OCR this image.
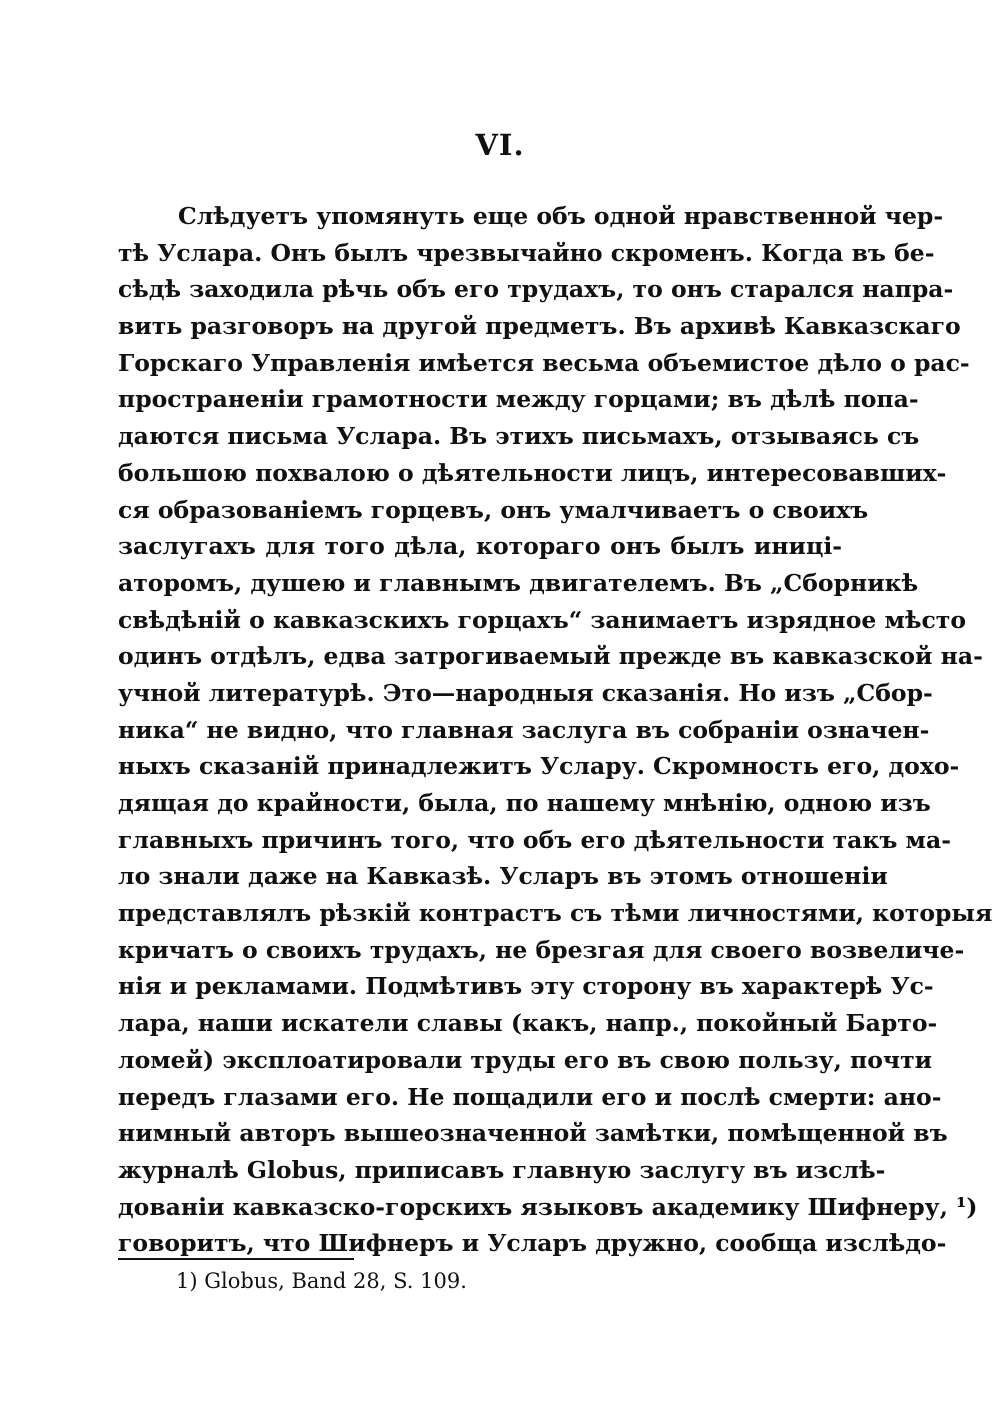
VI.
Слѣдуетъ упомянуть еще объ одной нравственной чер-
тѣ Услара. Онъ былъ чрезвычайно скроменъ. Когда въ бе-
сѣдѣ заходила рѣчь объ его трудахъ, то онъ старался напра-
вить разговоръ на другой предметъ. Въ архивѣ Кавказскаго
Горскаго Управленія имѣется весьма объемистое дѣло о рас-
пространеніи грамотности между горцами; въ дѣлѣ попа-
даются письма Услара. Въ этихъ письмахъ, отзываясь съ
большою похвалою о дѣятельности лицъ, интересовавших-
ся образованіемъ горцевъ, онъ умалчиваетъ о своихъ
заслугахъ для того дѣла, котораго онъ былъ иниці-
аторомъ, душею и главнымъ двигателемъ. Въ „Сборникѣ
свѣдѣній о кавказскихъ горцахъ“ занимаетъ изрядное мѣсто
одинъ отдѣлъ, едва затрогиваемый прежде въ кавказской на-
учной литературѣ. Это—народныя сказанія. Но изъ „Сбор-
ника“ не видно, что главная заслуга въ собраніи означен-
ныхъ сказаній принадлежитъ Услару. Скромность его, дохо-
дящая до крайности, была, по нашему мнѣнію, одною изъ
главныхъ причинъ того, что объ его дѣятельности такъ ма-
ло знали даже на Кавказѣ. Усларъ въ этомъ отношеніи
представлялъ рѣзкій контрастъ съ тѣми личностями, которыя
кричатъ о своихъ трудахъ, не брезгая для своего возвеличе-
нія и рекламами. Подмѣтивъ эту сторону въ характерѣ Ус-
лара, наши искатели славы (какъ, напр., покойный Барто-
ломей) эксплоатировали труды его въ свою пользу, почти
передъ глазами его. Не пощадили его и послѣ смерти: ано-
нимный авторъ вышеозначенной замѣтки, помѣщенной въ
журналѣ Globus, приписавъ главную заслугу въ изслѣ-
дованіи кавказско-горскихъ языковъ академику Шифнеру, ¹)
говоритъ, что Шифнеръ и Усларъ дружно, сообща изслѣдо-
1) Globus, Band 28, S. 109.
